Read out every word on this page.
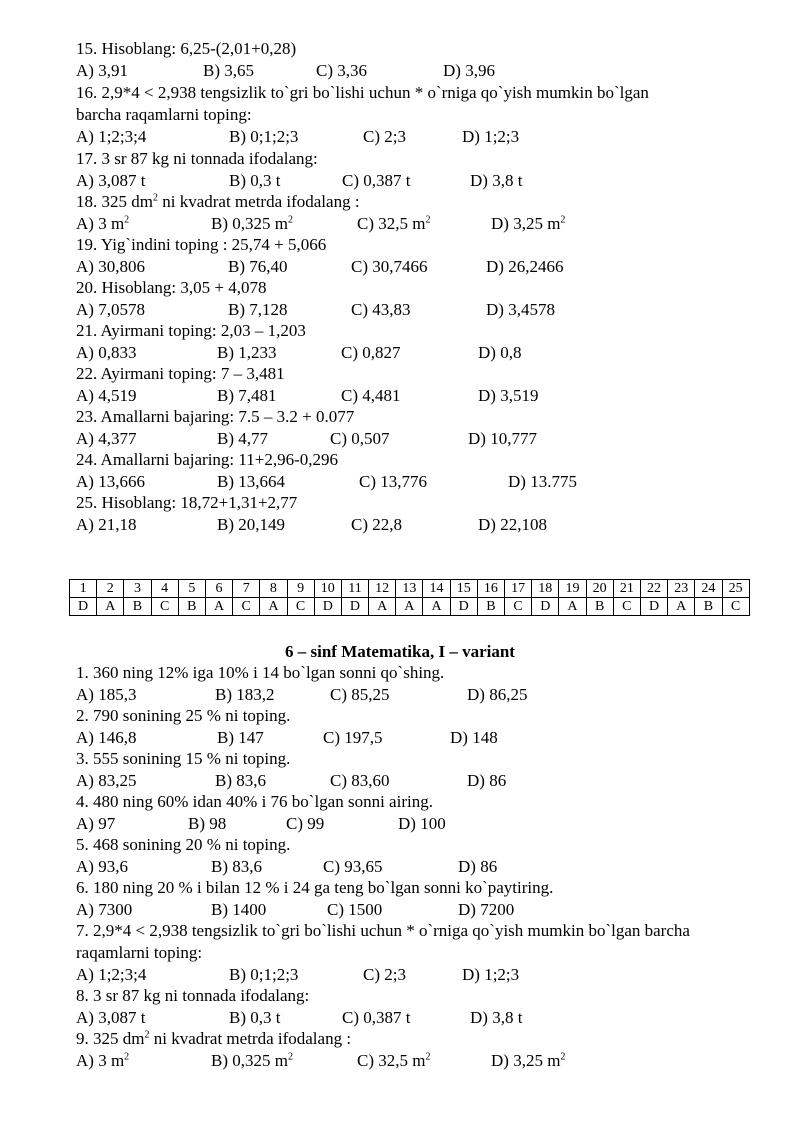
15. Hisoblang: 6,25-(2,01+0,28)
A) 3,91	B) 3,65	C) 3,36	D) 3,96
16. 2,9*4 < 2,938 tengsizlik to`gri bo`lishi uchun * o`rniga qo`yish mumkin bo`lgan
barcha raqamlarni toping:
A) 1;2;3;4	B) 0;1;2;3	C) 2;3	D) 1;2;3
17. 3 sr 87 kg ni tonnada ifodalang:
A) 3,087 t	B) 0,3 t	C) 0,387 t	D) 3,8 t
18. 325 $dm^2$ ni kvadrat metrda ifodalang :
A) 3 $m^2$	B) 0,325 $m^2$	C) 32,5 $m^2$	D) 3,25 $m^2$
19. Yig`indini toping : 25,74 + 5,066
A) 30,806	B) 76,40	C) 30,7466	D) 26,2466
20. Hisoblang: 3,05 + 4,078
A) 7,0578	B) 7,128	C) 43,83	D) 3,4578
21. Ayirmani toping: 2,03 – 1,203
A) 0,833	B) 1,233	C) 0,827	D) 0,8
22. Ayirmani toping: 7 – 3,481
A) 4,519	B) 7,481	C) 4,481	D) 3,519
23. Amallarni bajaring: 7.5 – 3.2 + 0.077
A) 4,377	B) 4,77	C) 0,507	D) 10,777
24. Amallarni bajaring: 11+2,96-0,296
A) 13,666	B) 13,664	C) 13,776	D) 13.775
25. Hisoblang: 18,72+1,31+2,77
A) 21,18	B) 20,149	C) 22,8	D) 22,108
1	2	3	4	5	6	7	8	9	10	11	12	13	14	15	16	17	18	19	20	21	22	23	24	25
D	A	B	C	B	A	C	A	C	D	D	A	A	A	D	B	C	D	A	B	C	D	A	B	C
6 – sinf Matematika, I – variant
1. 360 ning 12% iga 10% i 14 bo`lgan sonni qo`shing.
A) 185,3	B) 183,2	C) 85,25	D) 86,25
2. 790 sonining 25 % ni toping.
A) 146,8	B) 147	C) 197,5	D) 148
3. 555 sonining 15 % ni toping.
A) 83,25	B) 83,6	C) 83,60	D) 86
4. 480 ning 60% idan 40% i 76 bo`lgan sonni airing.
A) 97	B) 98	C) 99	D) 100
5. 468 sonining 20 % ni toping.
A) 93,6	B) 83,6	C) 93,65	D) 86
6. 180 ning 20 % i bilan 12 % i 24 ga teng bo`lgan sonni ko`paytiring.
A) 7300	B) 1400	C) 1500	D) 7200
7. 2,9*4 < 2,938 tengsizlik to`gri bo`lishi uchun * o`rniga qo`yish mumkin bo`lgan barcha
raqamlarni toping:
A) 1;2;3;4	B) 0;1;2;3	C) 2;3	D) 1;2;3
8. 3 sr 87 kg ni tonnada ifodalang:
A) 3,087 t	B) 0,3 t	C) 0,387 t	D) 3,8 t
9. 325 $dm^2$ ni kvadrat metrda ifodalang :
A) 3 $m^2$	B) 0,325 $m^2$	C) 32,5 $m^2$	D) 3,25 $m^2$
